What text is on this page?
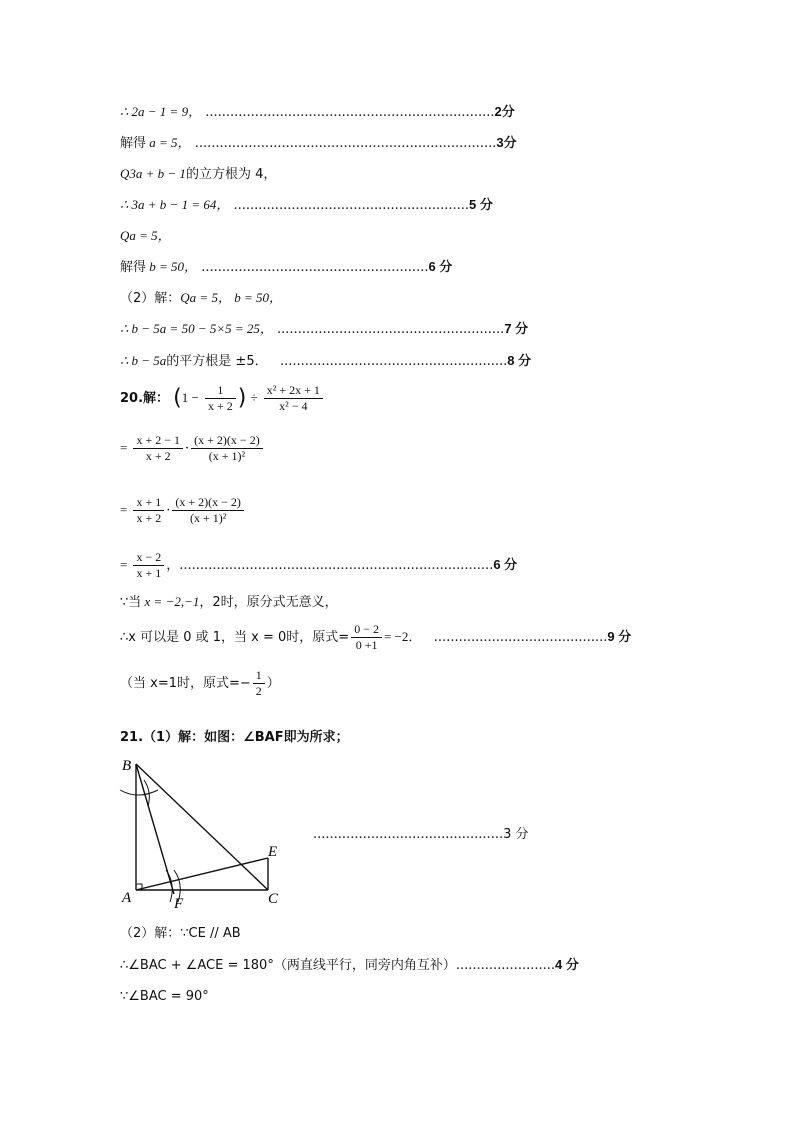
∴ 2a − 1 = 9， ......................................................................2分
解得 a = 5， .........................................................................3分
Q3a + b − 1的立方根为 4，
∴ 3a + b − 1 = 64， .........................................................5 分
Qa = 5，
解得 b = 50， .......................................................6 分
（2）解：Qa = 5， b = 50，
∴ b − 5a = 50 − 5×5 = 25， .......................................................7 分
∴ b − 5a的平方根是 ±5． .......................................................8 分
20.解： ($1 - \frac{1}{x + 2}$ ) ÷ $\frac{\text{x² + 2x + 1}}{\text{x² − 4}}$
= $\frac{x + 2 - 1}{x + 2} \cdot \frac{(x + 2)(x - 2)}{\text{(x + 1)²}}$
= $\frac{x + 1}{x + 2} \cdot \frac{(x + 2)(x - 2)}{\text{(x + 1)²}}$
= $\frac{x - 2}{x + 1}$ ，............................................................................6 分
∵当 x = −2,−1，2时，原分式无意义，
∴x 可以是 0 或 1，当 x = 0时，原式= $\frac{0 - 2}{0 +1} = -2$． ..........................................9 分
（当 x=1时，原式=− $\frac{1}{2}$ ）
21.（1）解：如图：∠BAF即为所求；
B
A	F	C
E
..............................................3 分
（2）解：∵CE // AB
∴∠BAC + ∠ACE = 180°（两直线平行，同旁内角互补）........................4 分
∵∠BAC = 90°
